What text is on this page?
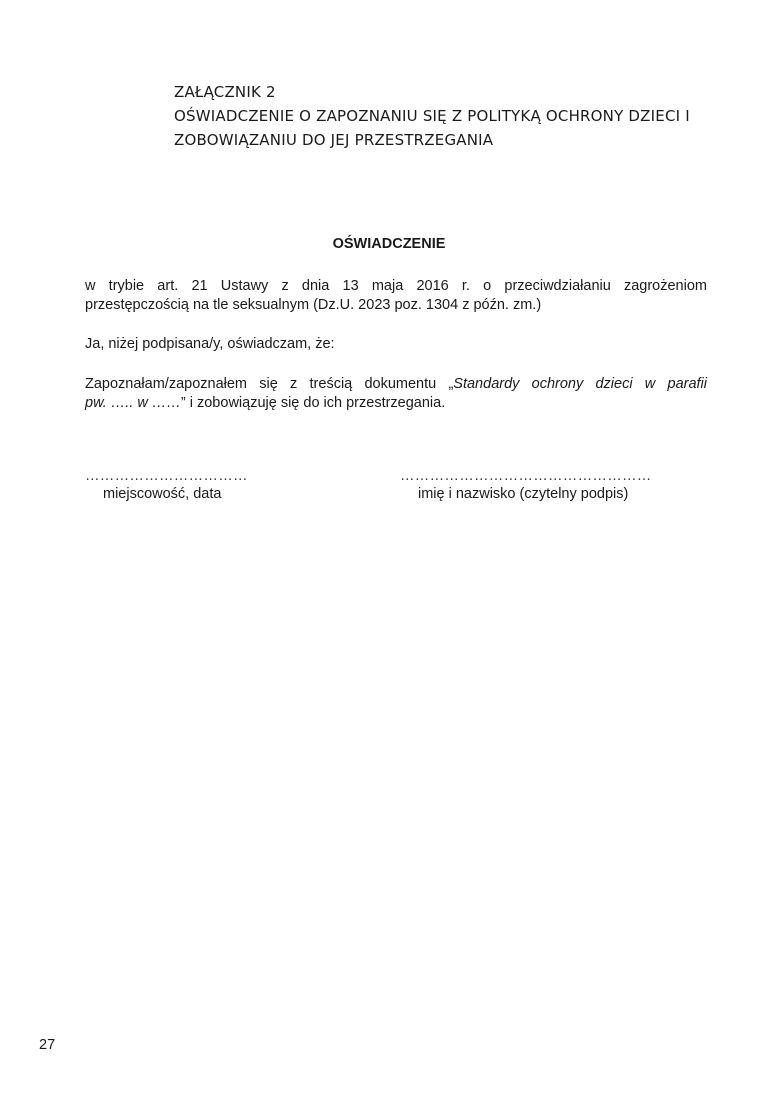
ZAŁĄCZNIK 2
OŚWIADCZENIE O ZAPOZNANIU SIĘ Z POLITYKĄ OCHRONY DZIECI I
ZOBOWIĄZANIU DO JEJ PRZESTRZEGANIA
OŚWIADCZENIE
w trybie art. 21 Ustawy z dnia 13 maja 2016 r. o przeciwdziałaniu zagrożeniom
przestępczością na tle seksualnym (Dz.U. 2023 poz. 1304 z późn. zm.)
Ja, niżej podpisana/y, oświadczam, że:
Zapoznałam/zapoznałem się z treścią dokumentu „Standardy ochrony dzieci w parafii
pw. ….. w ……” i zobowiązuję się do ich przestrzegania.
……………………………
miejscowość, data
……………………………………………
imię i nazwisko (czytelny podpis)
27
